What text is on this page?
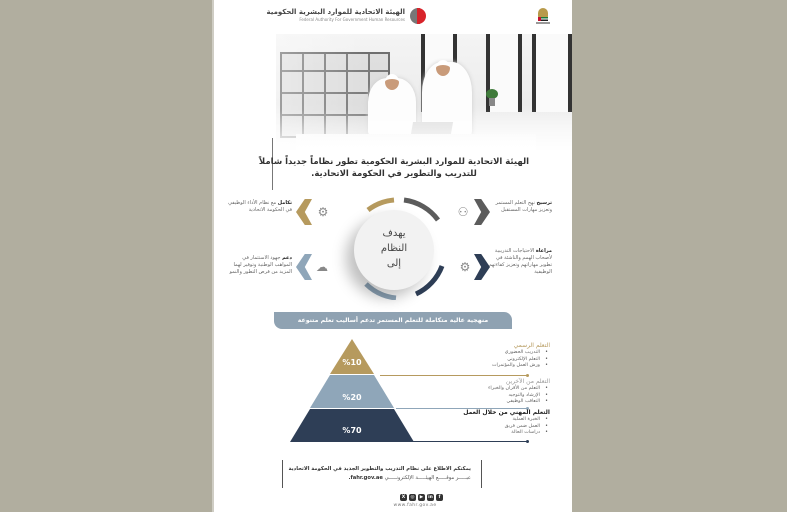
الهيئة الاتحادية للموارد البشرية الحكومية
Federal Authority For Government Human Resources
الهيئة الاتحادية للموارد البشرية الحكومية تطور نظاماً جديداً شاملاً
للتدريب والتطوير في الحكومة الاتحادية.
تكامل مع نظام الأداء الوظيفي في الحكومة الاتحادية
ترسيخ نهج التعلم المستمر وتعزيز مهارات المستقبل
دعم جهود الاستثمار في المواهب الوطنية وتوفير لهما المزيد من فرص التطور والنمو
مراعاة الاحتياجات التدريبية لأصحاب الهمم والناشئة في تطوير مهاراتهم وتعزيز كفاءتهم الوظيفية
⚙	⚇
☁	⚙
يهدف
النظام
إلى
منهجية عالية متكاملة للتعلم المستمر تدعم أساليب تعلم متنوعة
%10
%20
%70
التعلم الرسمي
• التدريب الحضوري
• التعلم الإلكتروني
• ورش العمل والمؤتمرات
التعلم من الآخرين
• التعلم من الأقران والخبراء
• الإرشاد والتوجيه
• التعاقب الوظيفي
التعلم المهني من خلال العمل
• الخبرة العملية
• العمل ضمن فريق
• دراسات الحالة
يمكنكم الاطلاع على نظام التدريب والتطوير الجديد في الحكومة الاتحادية
عبـــــر موقـــــع الهيئـــــة الإلكترونـــــي fahr.gov.ae.
X	◎	▶	in	f
www.fahr.gov.ae
